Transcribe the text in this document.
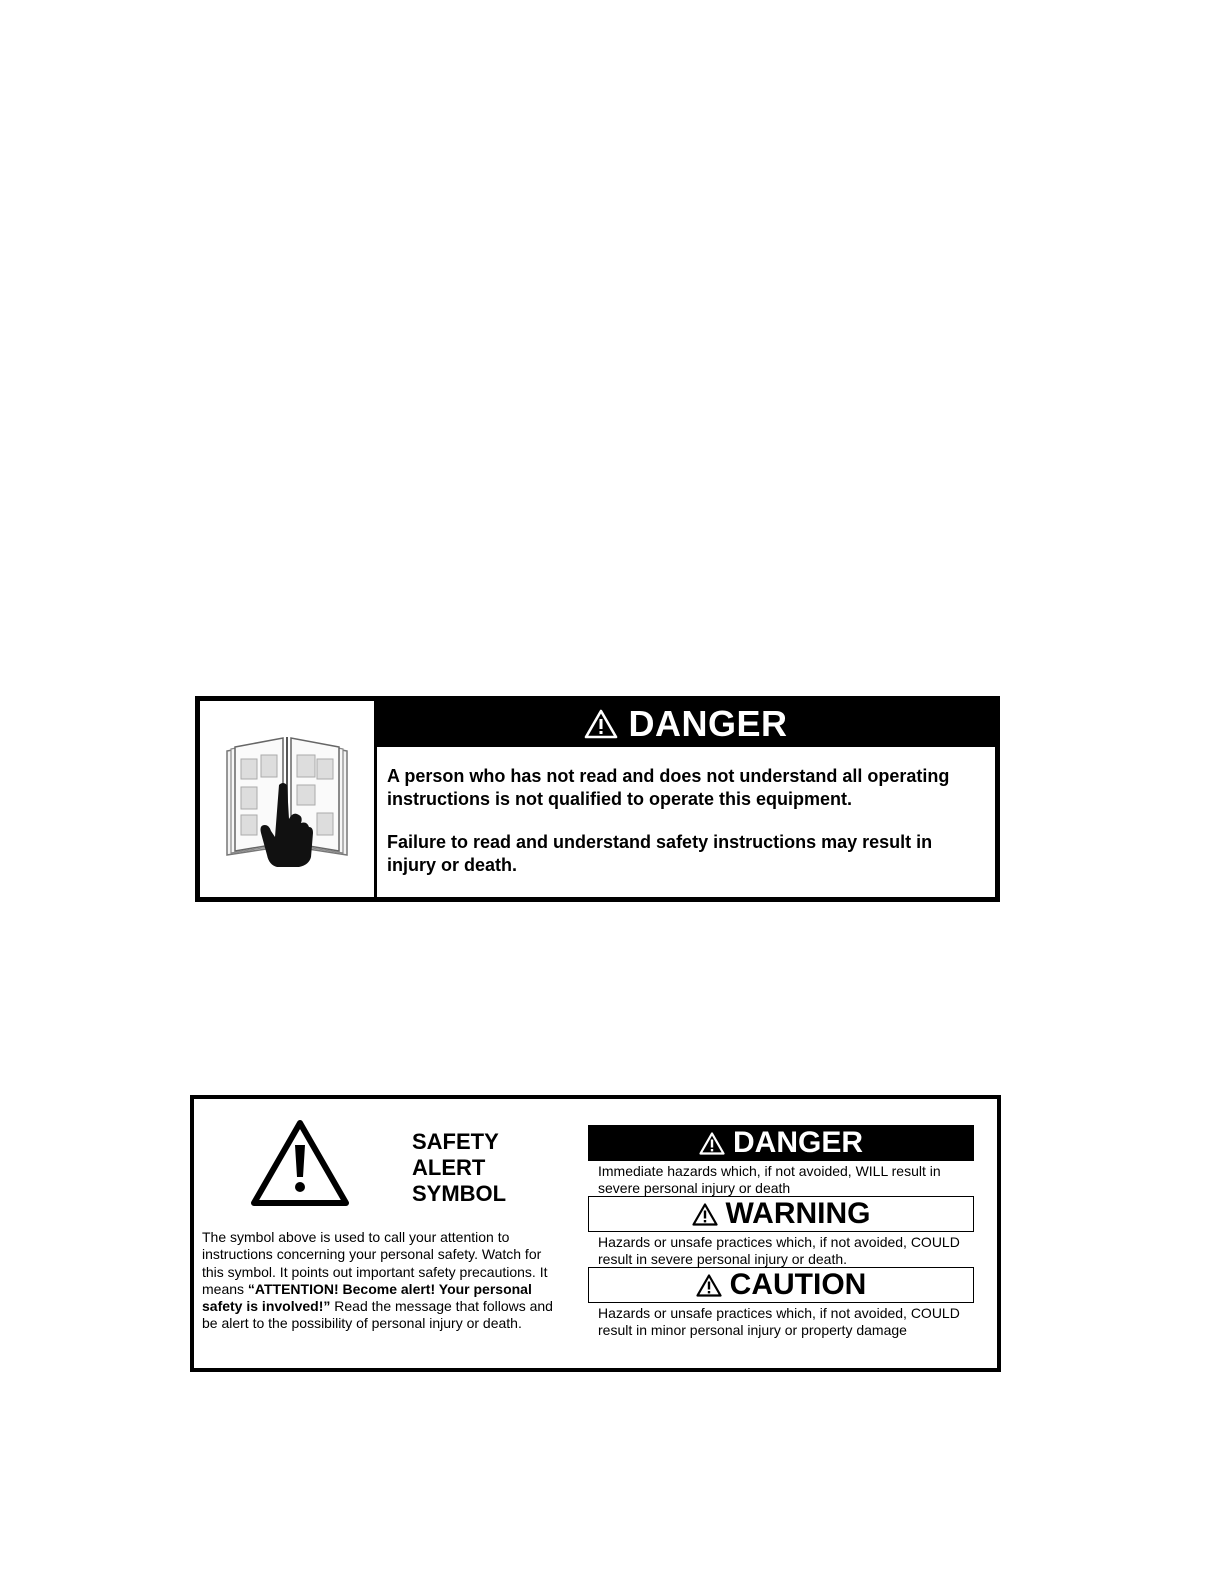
DANGER

A person who has not read and does not understand all operating instructions is not qualified to operate this equipment.

Failure to read and understand safety instructions may result in injury or death.

SAFETY
ALERT
SYMBOL
The symbol above is used to call your attention to instructions concerning your personal safety. Watch for this symbol. It points out important safety precautions. It means “ATTENTION! Become alert! Your personal safety is involved!” Read the message that follows and be alert to the possibility of personal injury or death.
DANGER
Immediate hazards which, if not avoided, WILL result in severe personal injury or death
WARNING
Hazards or unsafe practices which, if not avoided, COULD result in severe personal injury or death.
CAUTION
Hazards or unsafe practices which, if not avoided, COULD result in minor personal injury or property damage
